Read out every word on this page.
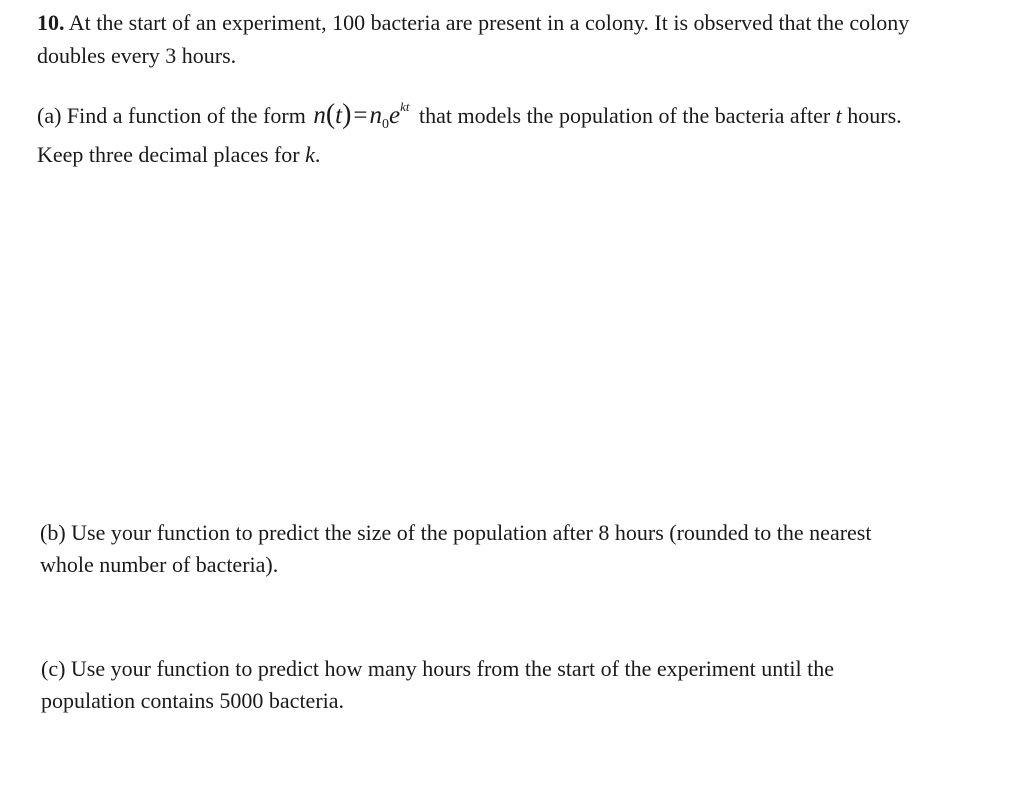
10. At the start of an experiment, 100 bacteria are present in a colony. It is observed that the colony
doubles every 3 hours.
(a) Find a function of the form $n(t)=n_0e^{kt}$ that models the population of the bacteria after t hours.
Keep three decimal places for k.
(b) Use your function to predict the size of the population after 8 hours (rounded to the nearest
whole number of bacteria).
(c) Use your function to predict how many hours from the start of the experiment until the
population contains 5000 bacteria.
